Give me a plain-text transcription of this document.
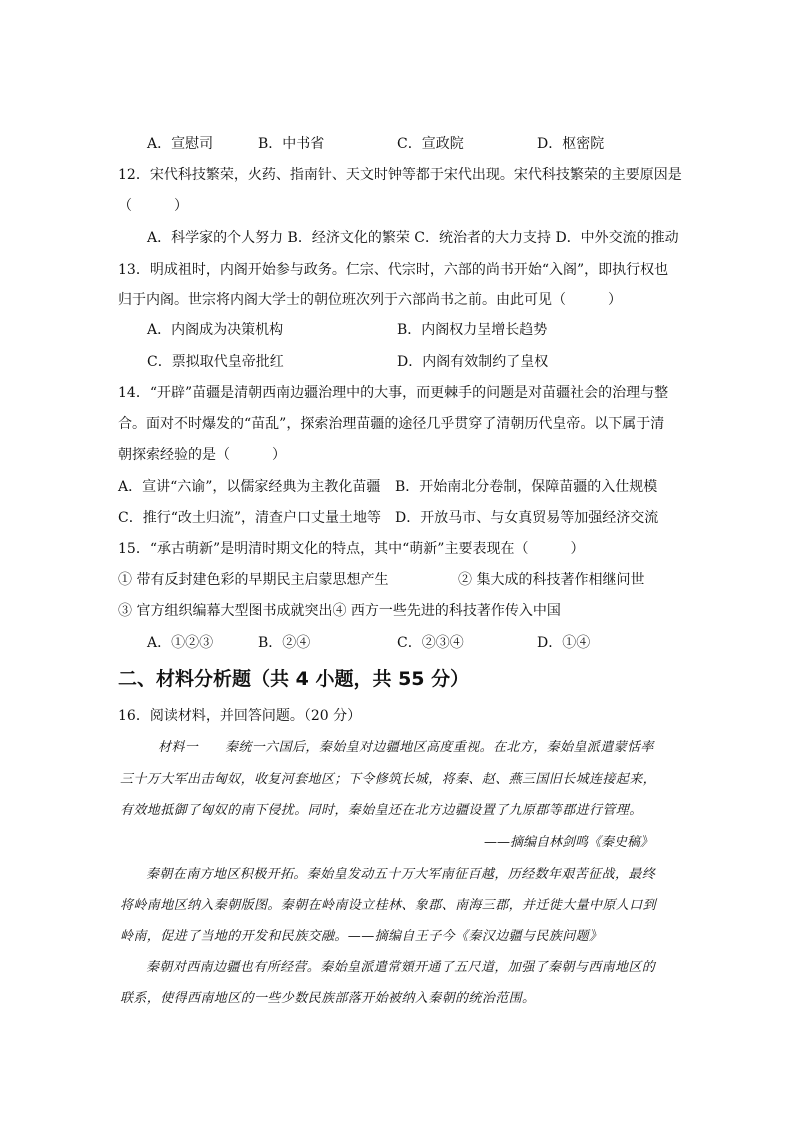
A．宣慰司	B．中书省	C．宣政院	D．枢密院
12．宋代科技繁荣，火药、指南针、天文时钟等都于宋代出现。宋代科技繁荣的主要原因是
（　　　）
A．科学家的个人努力 B．经济文化的繁荣 C．统治者的大力支持 D．中外交流的推动
13．明成祖时，内阁开始参与政务。仁宗、代宗时，六部的尚书开始“入阁”，即执行权也
归于内阁。世宗将内阁大学士的朝位班次列于六部尚书之前。由此可见（　　　）
A．内阁成为决策机构	B．内阁权力呈增长趋势
C．票拟取代皇帝批红	D．内阁有效制约了皇权
14．“开辟”苗疆是清朝西南边疆治理中的大事，而更棘手的问题是对苗疆社会的治理与整
合。面对不时爆发的“苗乱”，探索治理苗疆的途径几乎贯穿了清朝历代皇帝。以下属于清
朝探索经验的是（　　　）
A．宣讲“六谕”，以儒家经典为主教化苗疆 B．开始南北分卷制，保障苗疆的入仕规模
C．推行“改土归流”，清查户口丈量土地等 D．开放马市、与女真贸易等加强经济交流
15．“承古萌新”是明清时期文化的特点，其中“萌新”主要表现在（　　　）
① 带有反封建色彩的早期民主启蒙思想产生	② 集大成的科技著作相继问世
③ 官方组织编幕大型图书成就突出④ 西方一些先进的科技著作传入中国
A．①②③	B．②④	C．②③④	D．①④
二、材料分析题（共 4 小题，共 55 分）
16．阅读材料，并回答问题。（20 分）
材料一　　秦统一六国后，秦始皇对边疆地区高度重视。在北方，秦始皇派遣蒙恬率
三十万大军出击匈奴，收复河套地区；下令修筑长城，将秦、赵、燕三国旧长城连接起来，
有效地抵御了匈奴的南下侵扰。同时，秦始皇还在北方边疆设置了九原郡等郡进行管理。
——摘编自林剑鸣《秦史稿》
秦朝在南方地区积极开拓。秦始皇发动五十万大军南征百越，历经数年艰苦征战，最终
将岭南地区纳入秦朝版图。秦朝在岭南设立桂林、象郡、南海三郡，并迁徙大量中原人口到
岭南，促进了当地的开发和民族交融。——摘编自王子今《秦汉边疆与民族问题》
秦朝对西南边疆也有所经营。秦始皇派遣常頞开通了五尺道，加强了秦朝与西南地区的
联系，使得西南地区的一些少数民族部落开始被纳入秦朝的统治范围。
